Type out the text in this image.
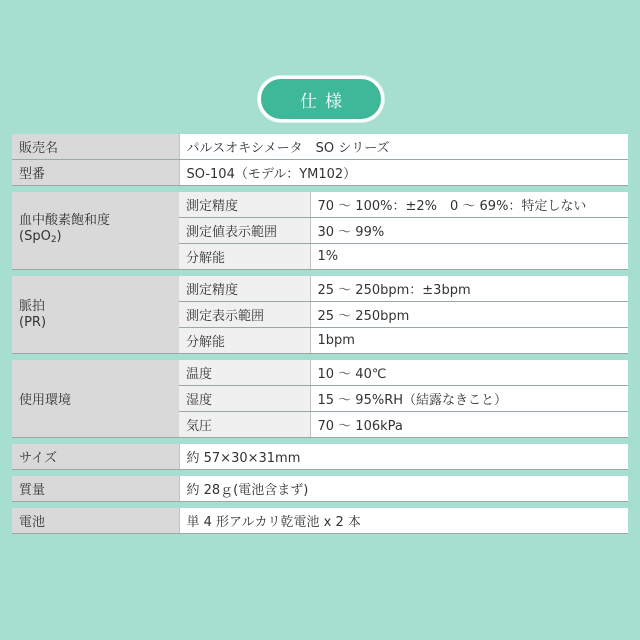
仕様
販売名	パルスオキシメータ　SO シリーズ	
型番	SO-104（モデル：YM102）	

血中酸素飽和度
(SpO2)	測定精度	70 ～ 100%：±2%　0 ～ 69%：特定しない
	測定値表示範囲	30 ～ 99%
	分解能	1%

脈拍
(PR)	測定精度	25 ～ 250bpm：±3bpm
	測定表示範囲	25 ～ 250bpm
	分解能	1bpm

使用環境	温度	10 ～ 40℃
	湿度	15 ～ 95%RH（結露なきこと）
	気圧	70 ～ 106kPa

サイズ	約 57×30×31mm	

質量	約 28ｇ(電池含まず)	

電池	単 4 形アルカリ乾電池 x 2 本	
